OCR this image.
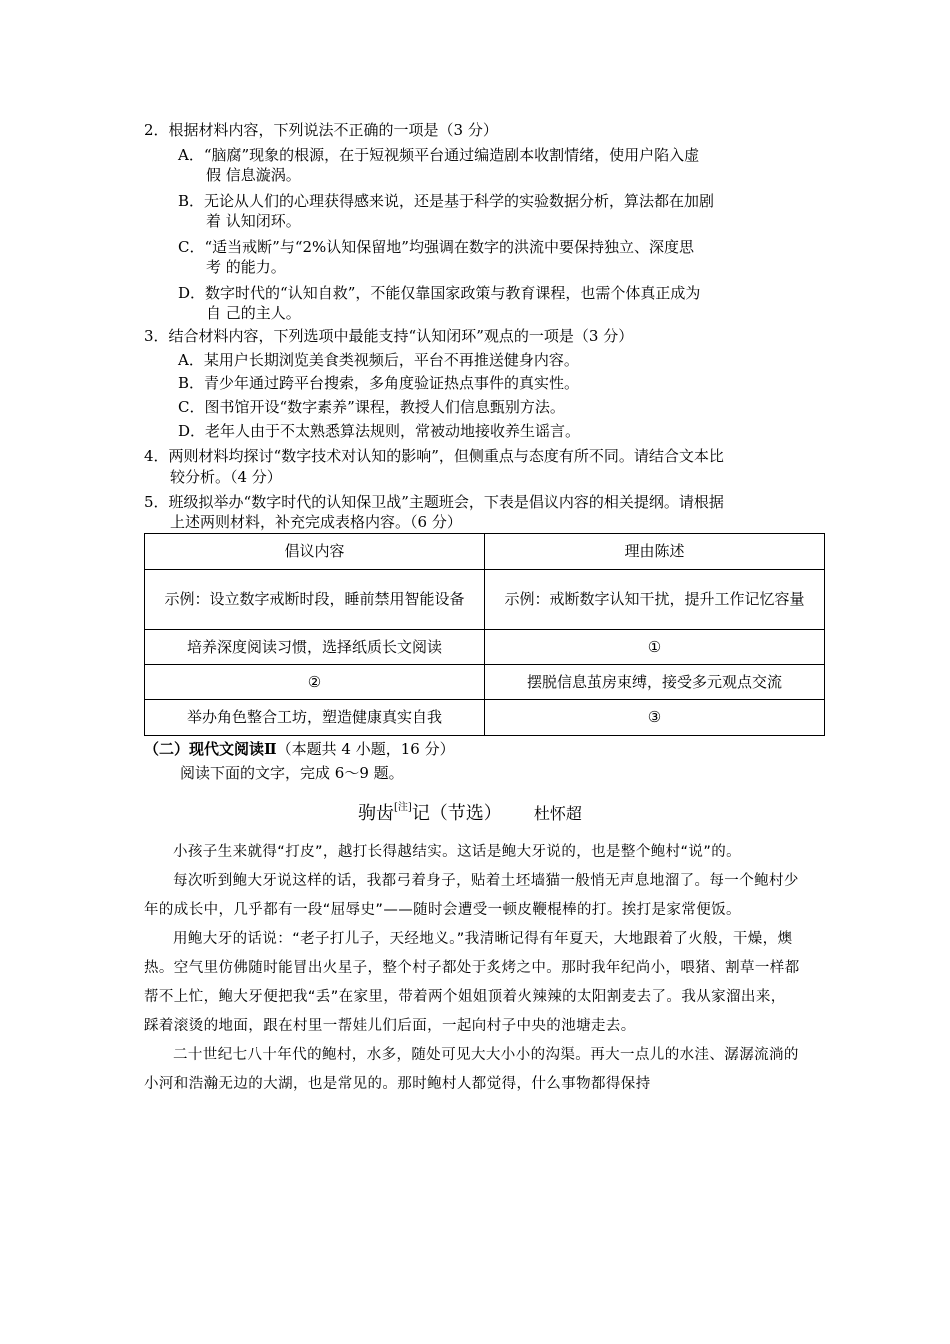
2．根据材料内容，下列说法不正确的一项是（3 分）
A．“脑腐”现象的根源，在于短视频平台通过编造剧本收割情绪，使用户陷入虚
假 信息漩涡。
B．无论从人们的心理获得感来说，还是基于科学的实验数据分析，算法都在加剧
着 认知闭环。
C．“适当戒断”与“2%认知保留地”均强调在数字的洪流中要保持独立、深度思
考 的能力。
D．数字时代的“认知自救”，不能仅靠国家政策与教育课程，也需个体真正成为
自 己的主人。
3．结合材料内容，下列选项中最能支持“认知闭环”观点的一项是（3 分）
A．某用户长期浏览美食类视频后，平台不再推送健身内容。
B．青少年通过跨平台搜索，多角度验证热点事件的真实性。
C．图书馆开设“数字素养”课程，教授人们信息甄别方法。
D．老年人由于不太熟悉算法规则，常被动地接收养生谣言。
4．两则材料均探讨“数字技术对认知的影响”，但侧重点与态度有所不同。请结合文本比
较分析。（4 分）
5．班级拟举办“数字时代的认知保卫战”主题班会，下表是倡议内容的相关提纲。请根据
上述两则材料，补充完成表格内容。（6 分）
倡议内容	理由陈述
示例：设立数字戒断时段，睡前禁用智能设备	示例：戒断数字认知干扰，提升工作记忆容量
培养深度阅读习惯，选择纸质长文阅读	①
②	摆脱信息茧房束缚，接受多元观点交流
举办角色整合工坊，塑造健康真实自我	③
（二）现代文阅读Ⅱ（本题共 4 小题，16 分）
阅读下面的文字，完成 6～9 题。
驹齿[注]记（节选） 杜怀超

小孩子生来就得“打皮”，越打长得越结实。这话是鲍大牙说的，也是整个鲍村“说”的。

每次听到鲍大牙说这样的话，我都弓着身子，贴着土坯墙猫一般悄无声息地溜了。每一个鲍村少年的成长中，几乎都有一段“屈辱史”——随时会遭受一顿皮鞭棍棒的打。挨打是家常便饭。

用鲍大牙的话说：“老子打儿子，天经地义。”我清晰记得有年夏天，大地跟着了火般，干燥，燠热。空气里仿佛随时能冒出火星子，整个村子都处于炙烤之中。那时我年纪尚小，喂猪、割草一样都帮不上忙，鲍大牙便把我“丢”在家里，带着两个姐姐顶着火辣辣的太阳割麦去了。我从家溜出来，踩着滚烫的地面，跟在村里一帮娃儿们后面，一起向村子中央的池塘走去。

二十世纪七八十年代的鲍村，水多，随处可见大大小小的沟渠。再大一点儿的水洼、潺潺流淌的小河和浩瀚无边的大湖，也是常见的。那时鲍村人都觉得，什么事物都得保持
